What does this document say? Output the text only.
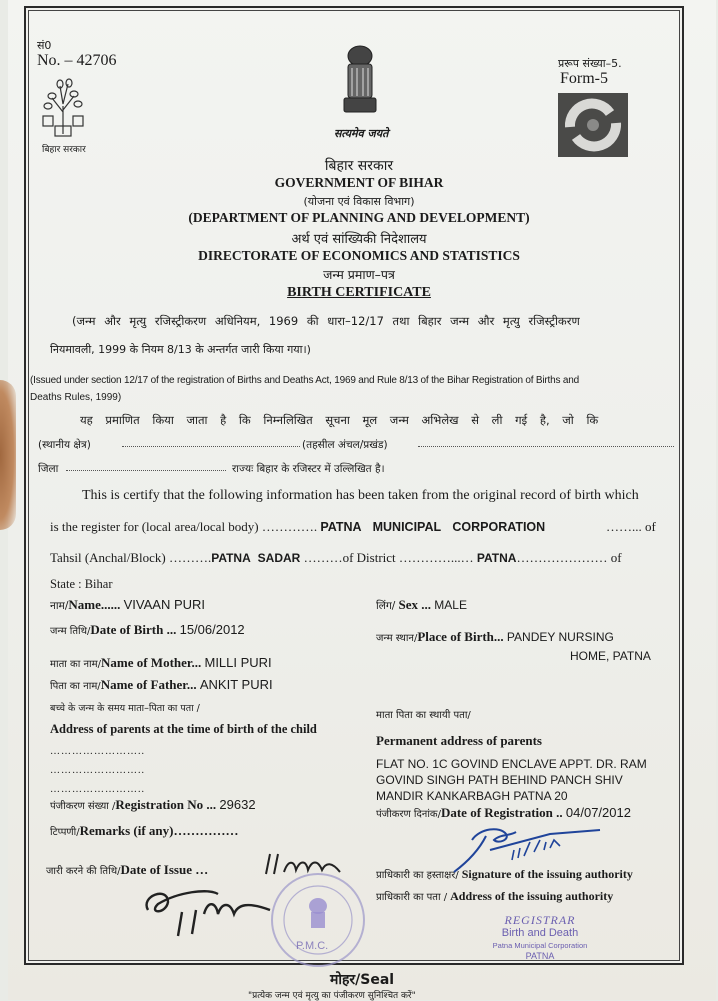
सं0
No. – 42706
बिहार सरकार
सत्यमेव जयते
प्ररूप संख्या–5.
Form-5
बिहार सरकार
GOVERNMENT OF BIHAR
(योजना एवं विकास विभाग)
(DEPARTMENT OF PLANNING AND DEVELOPMENT)
अर्थ एवं सांख्यिकी निदेशालय
DIRECTORATE OF ECONOMICS AND STATISTICS
जन्म प्रमाण–पत्र
BIRTH CERTIFICATE
(जन्म और मृत्यु रजिस्ट्रीकरण अधिनियम, 1969 की धारा–12/17 तथा बिहार जन्म और मृत्यु रजिस्ट्रीकरण
नियमावली, 1999 के नियम 8/13 के अन्तर्गत जारी किया गया।)
(Issued under section 12/17 of the registration of Births and Deaths Act, 1969 and Rule 8/13 of the Bihar Registration of Births and
Deaths Rules, 1999)
यह प्रमाणित किया जाता है कि निम्नलिखित सूचना मूल जन्म अभिलेख से ली गई है, जो कि
(स्थानीय क्षेत्र)	(तहसील अंचल/प्रखंड)
जिला	राज्यः बिहार के रजिस्टर में उल्लिखित है।
This is certify that the following information has been taken from the original record of birth which
is the register for (local area/local body) …………. PATNA MUNICIPAL CORPORATION	……... of
Tahsil (Anchal/Block) ……….PATNA SADAR ………of District …………...… PATNA………………… of
State : Bihar
नाम/Name...... VIVAAN PURI
जन्म तिथि/Date of Birth ... 15/06/2012
माता का नाम/Name of Mother... MILLI PURI
पिता का नाम/Name of Father... ANKIT PURI
बच्चे के जन्म के समय माता–पिता का पता /
Address of parents at the time of birth of the child
……………………..
……………………..
……………………..
पंजीकरण संख्या /Registration No ... 29632
टिप्पणी/Remarks (if any)……………
जारी करने की तिथि/Date of Issue …
लिंग/ Sex ... MALE
जन्म स्थान/Place of Birth... PANDEY NURSING
HOME, PATNA
माता पिता का स्थायी पता/
Permanent address of parents
FLAT NO. 1C GOVIND ENCLAVE APPT. DR. RAM
GOVIND SINGH PATH BEHIND PANCH SHIV
MANDIR KANKARBAGH PATNA 20
पंजीकरण दिनांक/Date of Registration .. 04/07/2012
प्राधिकारी का हस्ताक्षर/ Signature of the issuing authority
प्राधिकारी का पता / Address of the issuing authority
REGISTRAR
Birth and Death
Patna Municipal Corporation
PATNA
P.M.C.
मोहर/Seal
"प्रत्येक जन्म एवं मृत्यु का पंजीकरण सुनिश्चित करें"
